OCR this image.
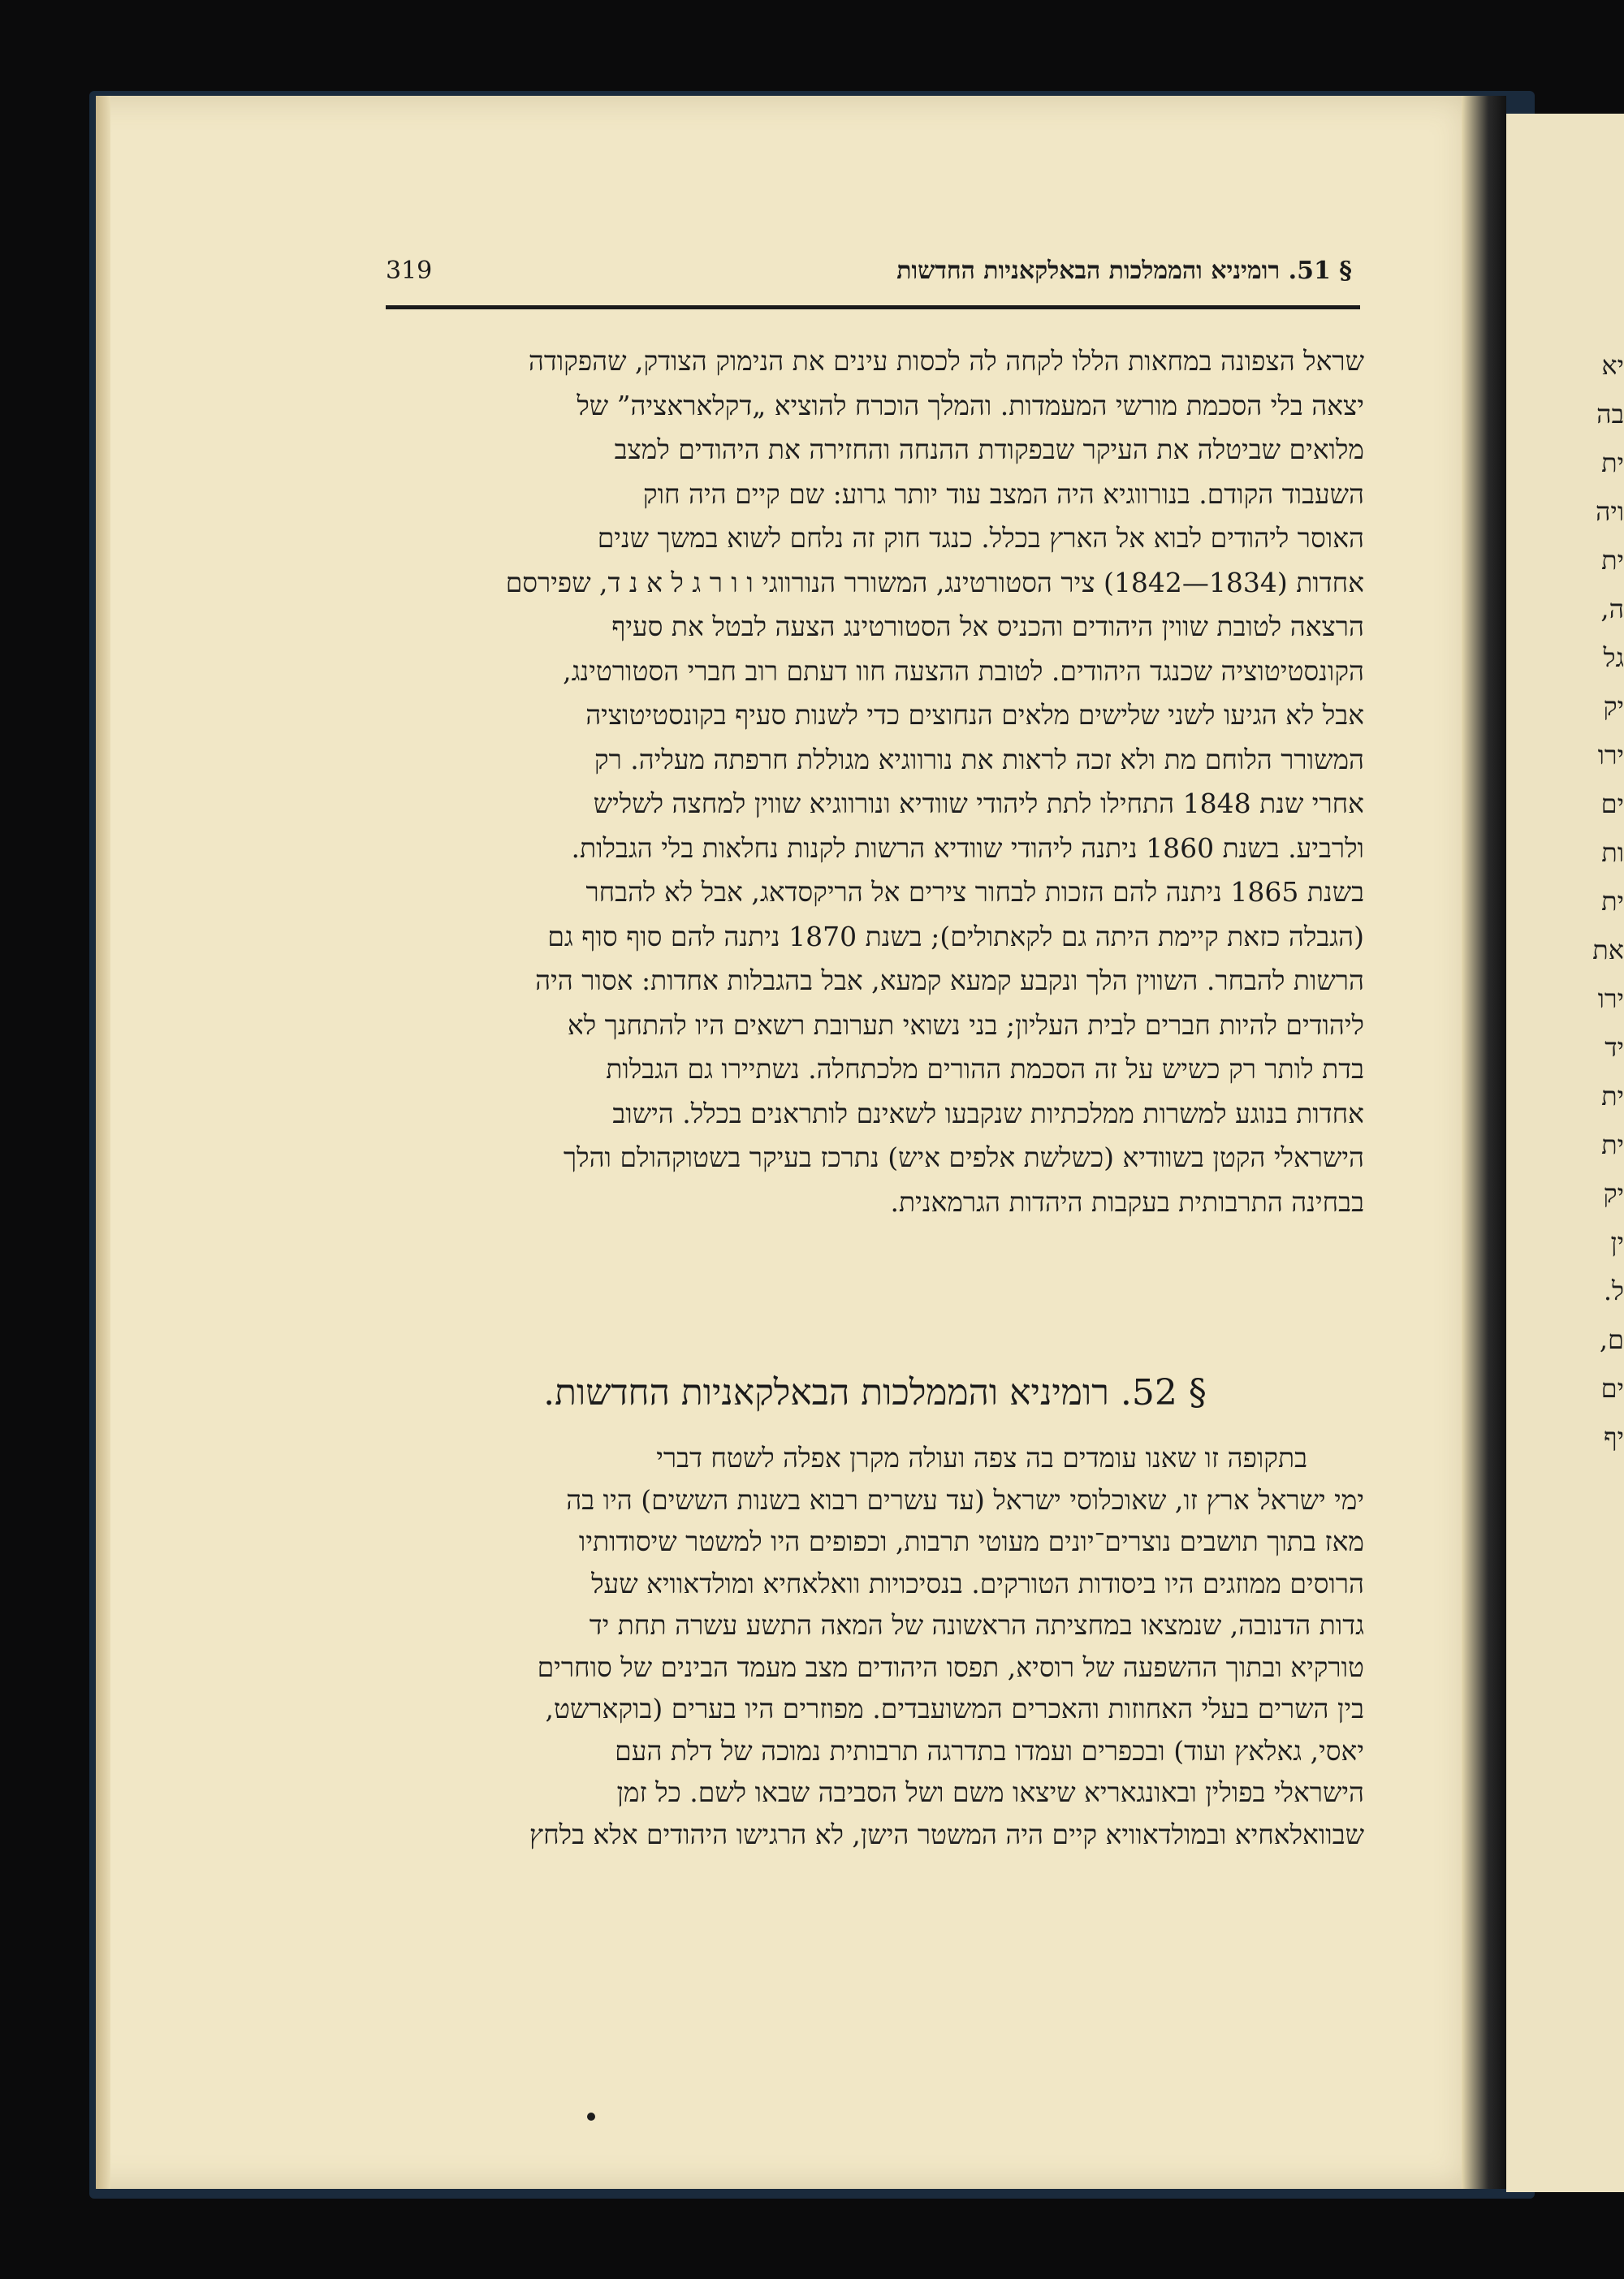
319	§ 51. רומיניא והממלכות הבאלקאניות החדשות
שראל הצפונה במחאות הללו לקחה לה לכסות עינים את הנימוק הצודק, שהפקודה
יצאה בלי הסכמת מורשי המעמדות. והמלך הוכרח להוציא „דקלאראציה” של
מלואים שביטלה את העיקר שבפקודת ההנחה והחזירה את היהודים למצב
השעבוד הקודם. בנורווגיא היה המצב עוד יותר גרוע: שם קיים היה חוק
האוסר ליהודים לבוא אל הארץ בכלל. כנגד חוק זה נלחם לשוא במשך שנים
אחדות (1834—1842) ציר הסטורטינג, המשורר הנורווגי ו ו ר ג ל א נ ד, שפירסם
הרצאה לטובת שווין היהודים והכניס אל הסטורטינג הצעה לבטל את סעיף
הקונסטיטוציה שכנגד היהודים. לטובת ההצעה חוו דעתם רוב חברי הסטורטינג,
אבל לא הגיעו לשני שלישים מלאים הנחוצים כדי לשנות סעיף בקונסטיטוציה
המשורר הלוחם מת ולא זכה לראות את נורווגיא מגוללת חרפתה מעליה. רק
אחרי שנת 1848 התחיל‍ו לתת ליהודי שוודיא ונורווגיא שווין למחצה לשליש
ולרביע. בשנת 1860 ניתנה ליהודי שוודיא הרשות לקנות נחלאות בלי הגבלות.
בשנת 1865 ניתנה להם הזכות לבחור צירים אל הריקסדאג, אבל לא להבחר
(הגבלה כזאת קיימת היתה גם לקאתולים); בשנת 1870 ניתנה להם סוף סוף גם
הרשות להבחר. השווין הלך ונקבע קמעא קמעא, אבל בהגבלות אחדות: אסור היה
ליהודים להיות חברים לבית העליון; בני נשואי תערובת רשאים היו להתחנך לא
בדת לותר רק כשיש על זה הסכמת ההורים מלכתחלה. נשתיירו גם הגבלות
אחדות בנוגע למשרות ממלכתיות שנקבעו לשאינם לותראנים בכלל. הישוב
הישראלי הקטן בשוודיא (כשלשת אלפים איש) נתרכז בעיקר בשטוקהולם והלך
בבחינה התרבותית בעקבו‍ת היהדות הגרמאנית.
§ 52. רומיניא והממלכות הבאלקאניות החדשות.
בתקופה זו שאנו עומדים בה צפה ועולה מקרן אפלה לשטח דברי
ימי ישראל ארץ זו, שאוכלוסי ישראל (עד עשרים רבוא בשנות הששים) היו בה
מאז בתוך תושבים נוצרים־יונים מעוטי תרבות, וכפופים היו למשטר שיסודותיו
הרוסים ממוזגים היו ביסודות הטורקים. בנסיכויות וואלאחיא ומולדאוויא שעל
גדות הדנובה, שנמצאו במחציתה הראשונה של המאה התשע עשרה תחת יד
טורקיא ובתוך ההשפעה של רוסיא, תפסו היהודים מצב מעמד הבינים של סוחרים
בין השרים בעלי האחוזות והאכרים המשועבדים. מפוזרים היו בערים (בוקארשט,
יאסי, גאלאץ ועוד) ובכפרים ועמדו בתדרגה תרבותית נמוכה של דלת העם
הישראלי בפולין ובאונגאריא שיצאו משם ושל הסביבה שבאו לשם. כל זמן
שבוואלאחיא ובמולדאוויא קיים היה המשטר הישן, לא הרגישו היהודים אלא בלחץ
יא
בה
ית
ויה
ית
ה,
גל
יק
ירו
ים
ות
ית
את
ירו
יד
ית
ית
יק
ין
ל.
ם,
ים
יף
